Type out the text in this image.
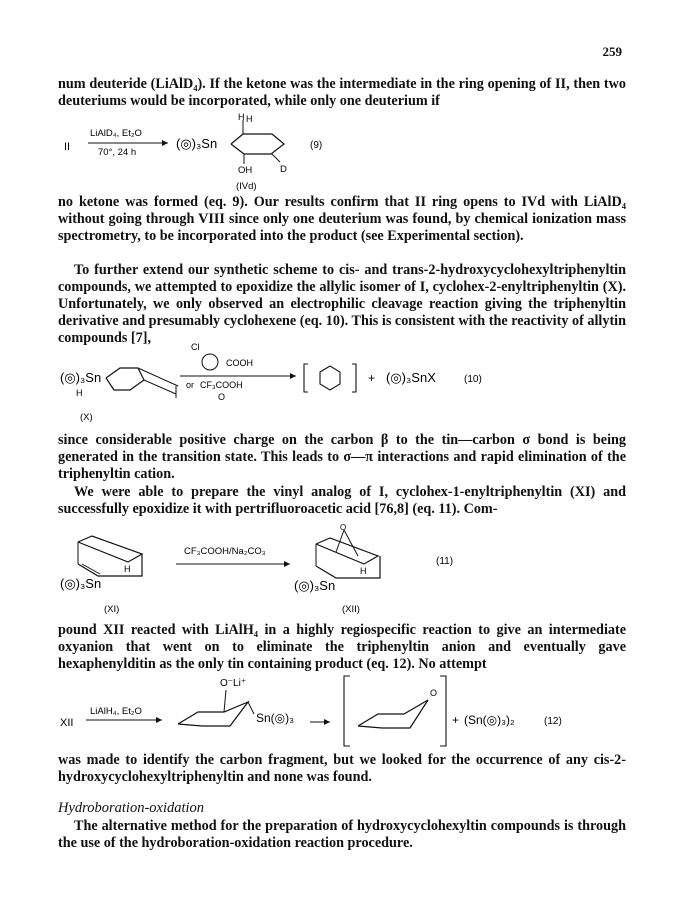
259

num deuteride (LiAlD₄). If the ketone was the intermediate in the ring opening of II, then two deuteriums would be incorporated, while only one deuterium if

II
LiAlD₄, Et₂O
70°, 24 h
(◎)₃Sn
H H
OH	D
(9)
(IVd)

no ketone was formed (eq. 9). Our results confirm that II ring opens to IVd with LiAlD₄ without going through VIII since only one deuterium was found, by chemical ionization mass spectrometry, to be incorporated into the product (see Experimental section).

To further extend our synthetic scheme to cis- and trans-2-hydroxycyclohexyltriphenyltin compounds, we attempted to epoxidize the allylic isomer of I, cyclohex-2-enyltriphenyltin (X). Unfortunately, we only observed an electrophilic cleavage reaction giving the triphenyltin derivative and presumably cyclohexene (eq. 10). This is consistent with the reactivity of allytin compounds [7],

(◎)₃Sn
H
Cl
COOH
or CF₃COOH
O
+ (◎)₃SnX	(10)
(X)

since considerable positive charge on the carbon β to the tin—carbon σ bond is being generated in the transition state. This leads to σ—π interactions and rapid elimination of the triphenyltin cation.

We were able to prepare the vinyl analog of I, cyclohex-1-enyltriphenyltin (XI) and successfully epoxidize it with pertrifluoroacetic acid [76,8] (eq. 11). Com-

H
(◎)₃Sn
CF₃COOH/Na₂CO₃
O
H
(◎)₃Sn
(11)
(XI)	(XII)

pound XII reacted with LiAlH₄ in a highly regiospecific reaction to give an intermediate oxyanion that went on to eliminate the triphenyltin anion and eventually gave hexaphenylditin as the only tin containing product (eq. 12). No attempt

XII
LiAlH₄, Et₂O
O⁻Li⁺
Sn(◎)₃
O
+ (Sn(◎)₃)₂	(12)

was made to identify the carbon fragment, but we looked for the occurrence of any cis-2-hydroxycyclohexyltriphenyltin and none was found.

Hydroboration-oxidation

The alternative method for the preparation of hydroxycyclohexyltin compounds is through the use of the hydroboration-oxidation reaction procedure.
